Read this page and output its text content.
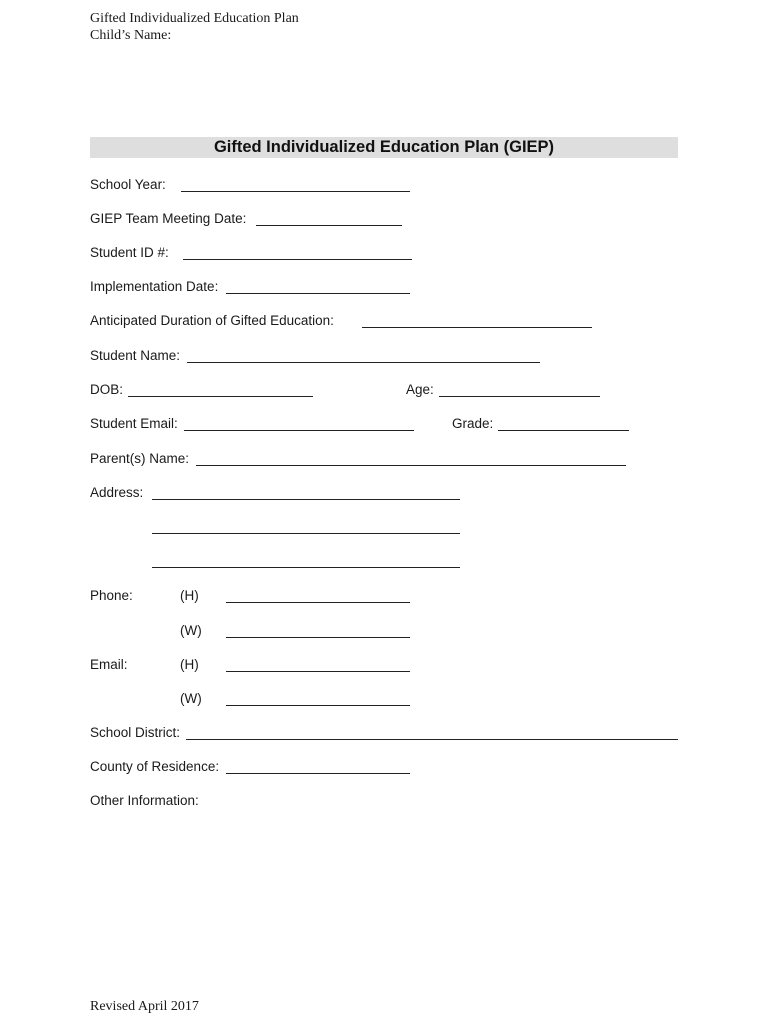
Gifted Individualized Education Plan
Child’s Name:
Gifted Individualized Education Plan (GIEP)
School Year:
GIEP Team Meeting Date:
Student ID #:
Implementation Date:
Anticipated Duration of Gifted Education:
Student Name:
DOB:	Age:
Student Email:	Grade:
Parent(s) Name:
Address:
Phone:	(H)
(W)
Email:	(H)
(W)
School District:
County of Residence:
Other Information:
Revised April 2017
